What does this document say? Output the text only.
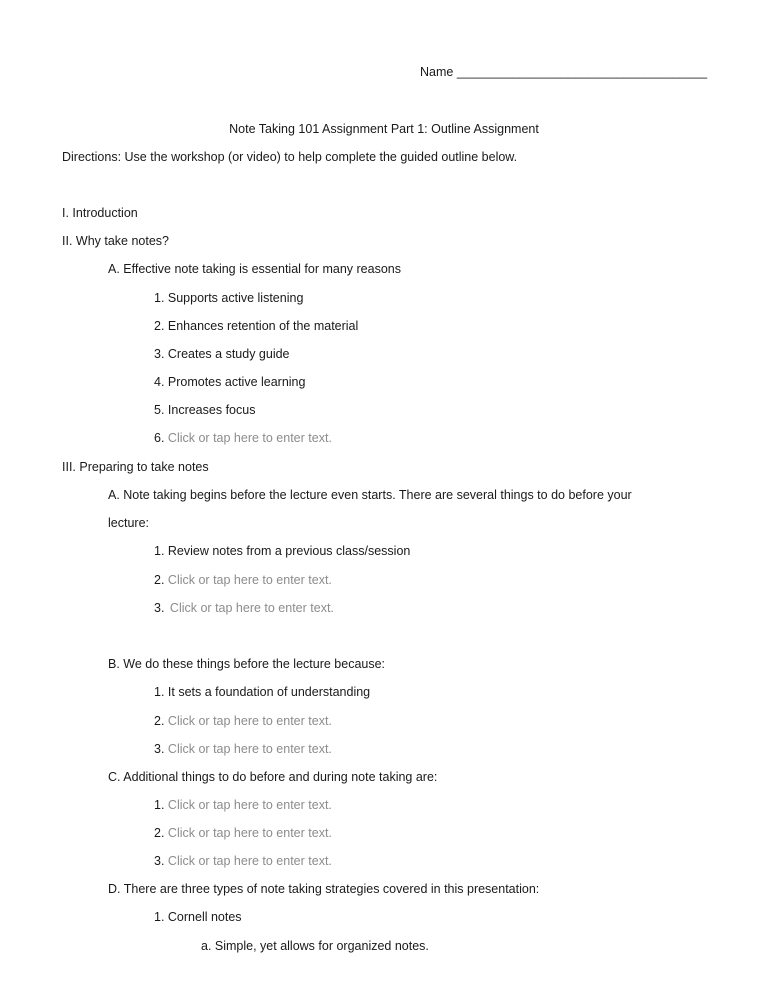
Name ____________________________________
Note Taking 101 Assignment Part 1: Outline Assignment
Directions: Use the workshop (or video) to help complete the guided outline below.
I. Introduction
II. Why take notes?
A. Effective note taking is essential for many reasons
1. Supports active listening
2. Enhances retention of the material
3. Creates a study guide
4. Promotes active learning
5. Increases focus
6. Click or tap here to enter text.
III. Preparing to take notes
A. Note taking begins before the lecture even starts. There are several things to do before your
lecture:
1. Review notes from a previous class/session
2. Click or tap here to enter text.
3. Click or tap here to enter text.
B. We do these things before the lecture because:
1. It sets a foundation of understanding
2. Click or tap here to enter text.
3. Click or tap here to enter text.
C. Additional things to do before and during note taking are:
1. Click or tap here to enter text.
2. Click or tap here to enter text.
3. Click or tap here to enter text.
D. There are three types of note taking strategies covered in this presentation:
1. Cornell notes
a. Simple, yet allows for organized notes.
